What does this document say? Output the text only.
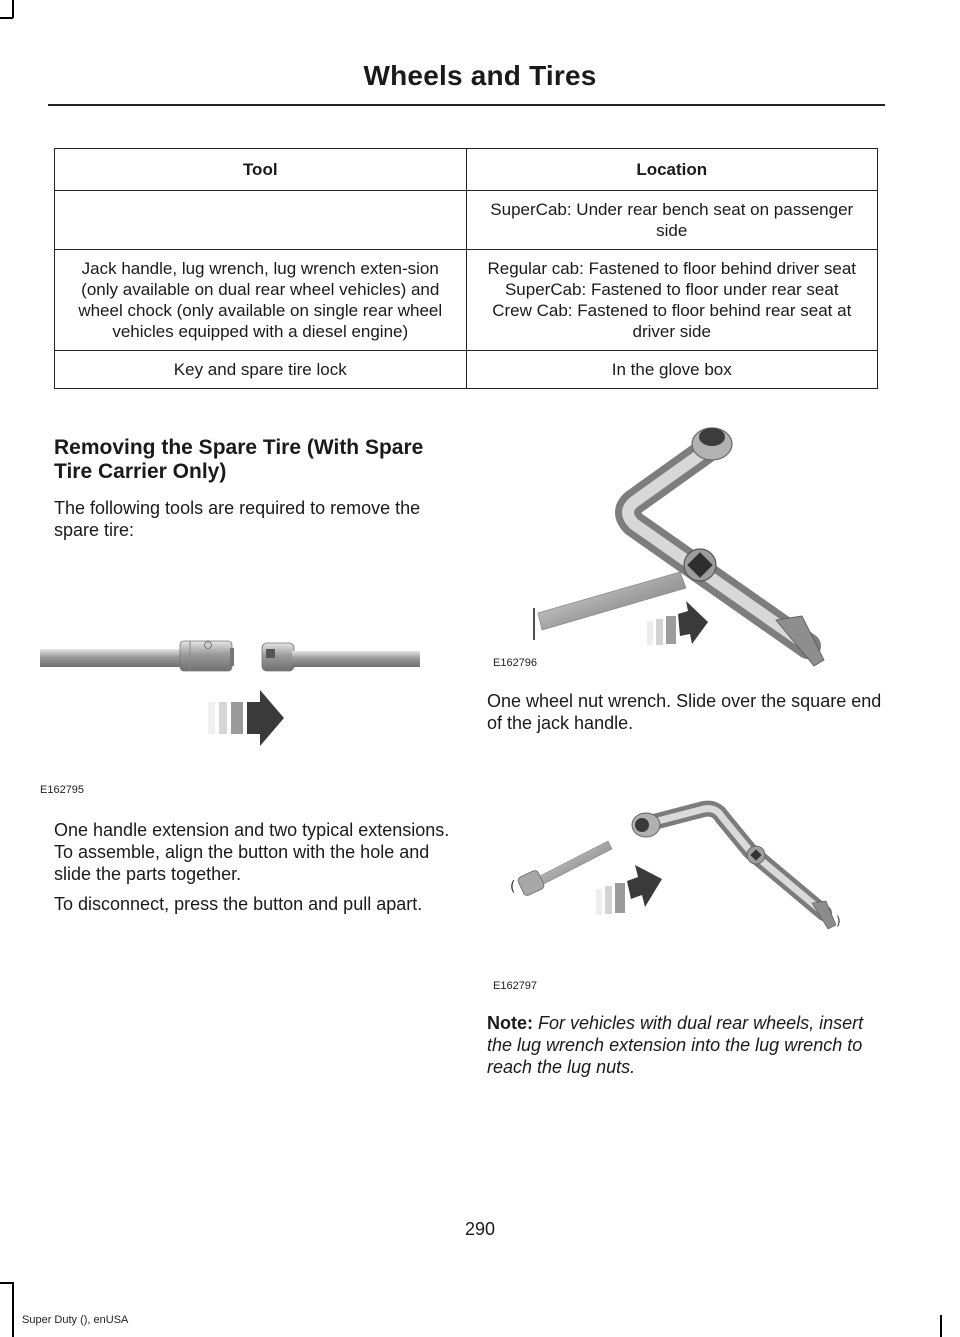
Wheels and Tires
Tool	Location

	SuperCab: Under rear bench seat on passenger side

Jack handle, lug wrench, lug wrench exten-sion (only available on dual rear wheel vehicles) and wheel chock (only available on single rear wheel vehicles equipped with a diesel engine)	Regular cab: Fastened to floor behind driver seat
SuperCab: Fastened to floor under rear seat
Crew Cab: Fastened to floor behind rear seat at driver side

Key and spare tire lock	In the glove box
Removing the Spare Tire (With Spare Tire Carrier Only)
The following tools are required to remove the spare tire:
E162795
One handle extension and two typical extensions. To assemble, align the button with the hole and slide the parts together.
To disconnect, press the button and pull apart.
E162796
One wheel nut wrench. Slide over the square end of the jack handle.
(
)
E162797
Note: For vehicles with dual rear wheels, insert the lug wrench extension into the lug wrench to reach the lug nuts.
290
Super Duty (), enUSA
